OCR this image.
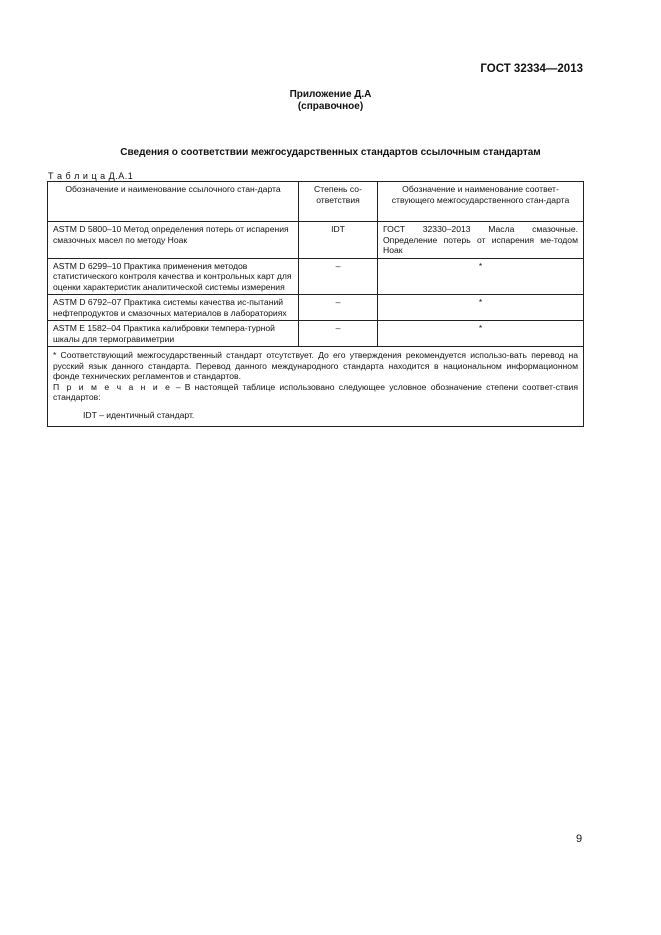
ГОСТ 32334—2013
Приложение Д.А
(справочное)
Сведения о соответствии межгосударственных стандартов ссылочным стандартам
Т а б л и ц а Д.А.1
Обозначение и наименование ссылочного стан-дарта	Степень со-ответствия	Обозначение и наименование соответ-ствующего межгосударственного стан-дарта
ASTM D 5800–10 Метод определения потерь от испарения смазочных масел по методу Ноак	IDT	ГОСТ 32330–2013 Масла смазочные. Определение потерь от испарения ме-тодом Ноак
ASTM D 6299–10 Практика применения методов статистического контроля качества и контрольных карт для оценки характеристик аналитической системы измерения	–	*
ASTM D 6792–07 Практика системы качества ис-пытаний нефтепродуктов и смазочных материалов в лабораториях	–	*
ASTM E 1582–04 Практика калибровки темпера-турной шкалы для термогравиметрии	–	*

* Соответствующий межгосударственный стандарт отсутствует. До его утверждения рекомендуется использо-вать перевод на русский язык данного стандарта. Перевод данного международного стандарта находится в национальном информационном фонде технических регламентов и стандартов.

П р и м е ч а н и е – В настоящей таблице использовано следующее условное обозначение степени соответ-ствия стандартов:

IDT – идентичный стандарт.		

9
